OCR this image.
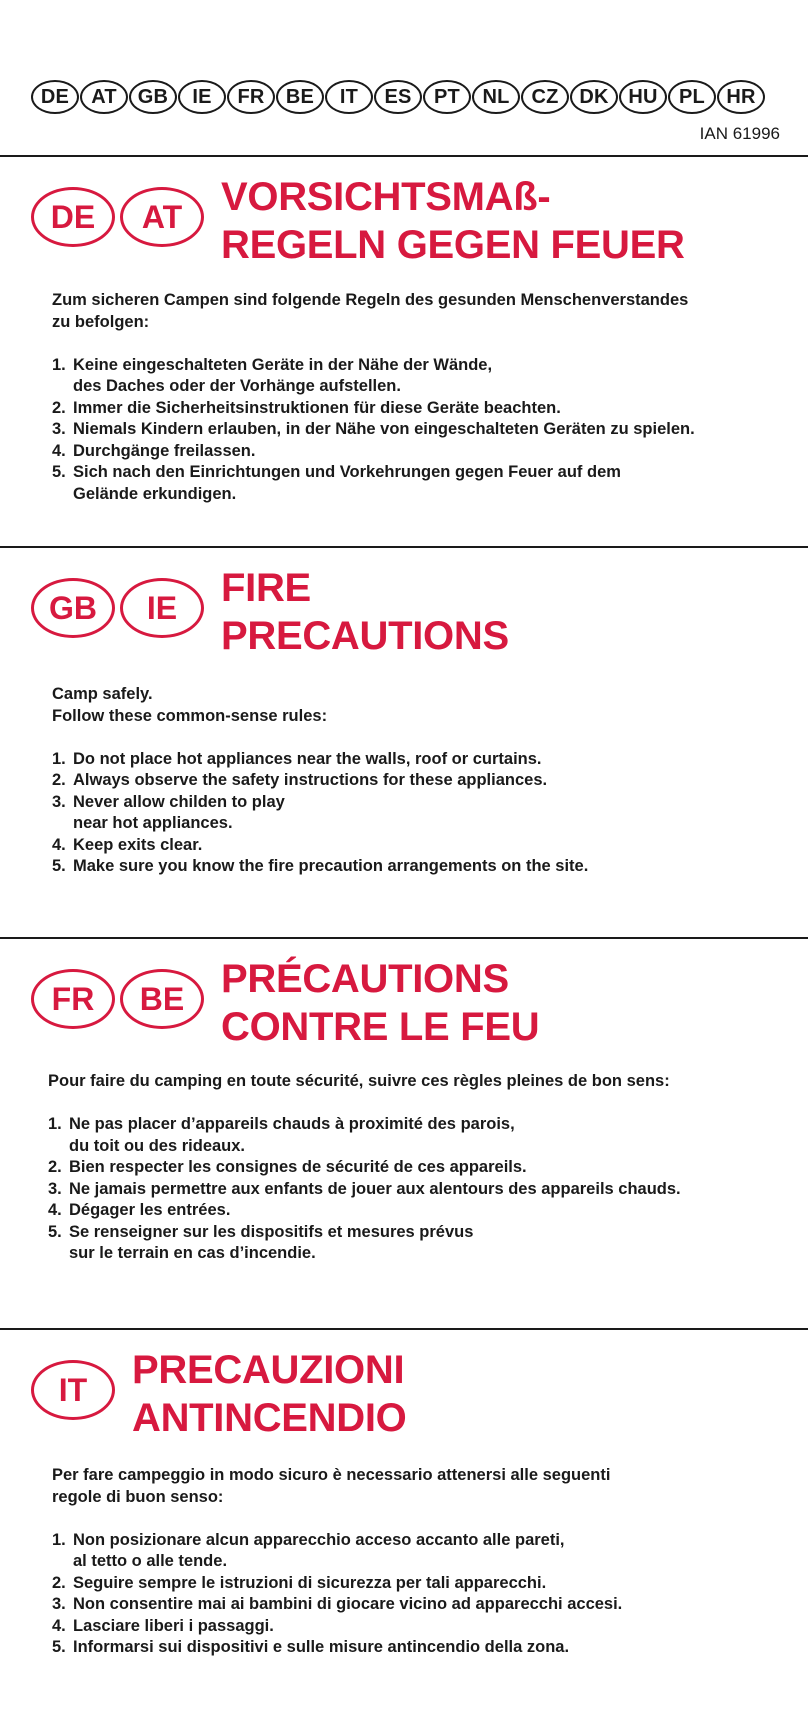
DE	AT	GB	IE	FR	BE	IT	ES	PT	NL	CZ	DK HU	PL	HR
IAN 61996
DE	AT VORSICHTSMAß-
REGELN GEGEN FEUER
Zum sicheren Campen sind folgende Regeln des gesunden Menschenverstandes
zu befolgen:
1. Keine eingeschalteten Geräte in der Nähe der Wände,
des Daches oder der Vorhänge aufstellen.
2. Immer die Sicherheitsinstruktionen für diese Geräte beachten.
3. Niemals Kindern erlauben, in der Nähe von eingeschalteten Geräten zu spielen.
4. Durchgänge freilassen.
5. Sich nach den Einrichtungen und Vorkehrungen gegen Feuer auf dem
Gelände erkundigen.
GB	IE	FIRE
PRECAUTIONS
Camp safely.
Follow these common-sense rules:
1. Do not place hot appliances near the walls, roof or curtains.
2. Always observe the safety instructions for these appliances.
3. Never allow childen to play
near hot appliances.
4. Keep exits clear.
5. Make sure you know the fire precaution arrangements on the site.
FR	BE PRÉCAUTIONS
CONTRE LE FEU
Pour faire du camping en toute sécurité, suivre ces règles pleines de bon sens:
1. Ne pas placer d’appareils chauds à proximité des parois,
du toit ou des rideaux.
2. Bien respecter les consignes de sécurité de ces appareils.
3. Ne jamais permettre aux enfants de jouer aux alentours des appareils chauds.
4. Dégager les entrées.
5. Se renseigner sur les dispositifs et mesures prévus
sur le terrain en cas d’incendie.
IT	PRECAUZIONI
ANTINCENDIO
Per fare campeggio in modo sicuro è necessario attenersi alle seguenti
regole di buon senso:
1. Non posizionare alcun apparecchio acceso accanto alle pareti,
al tetto o alle tende.
2. Seguire sempre le istruzioni di sicurezza per tali apparecchi.
3. Non consentire mai ai bambini di giocare vicino ad apparecchi accesi.
4. Lasciare liberi i passaggi.
5. Informarsi sui dispositivi e sulle misure antincendio della zona.
